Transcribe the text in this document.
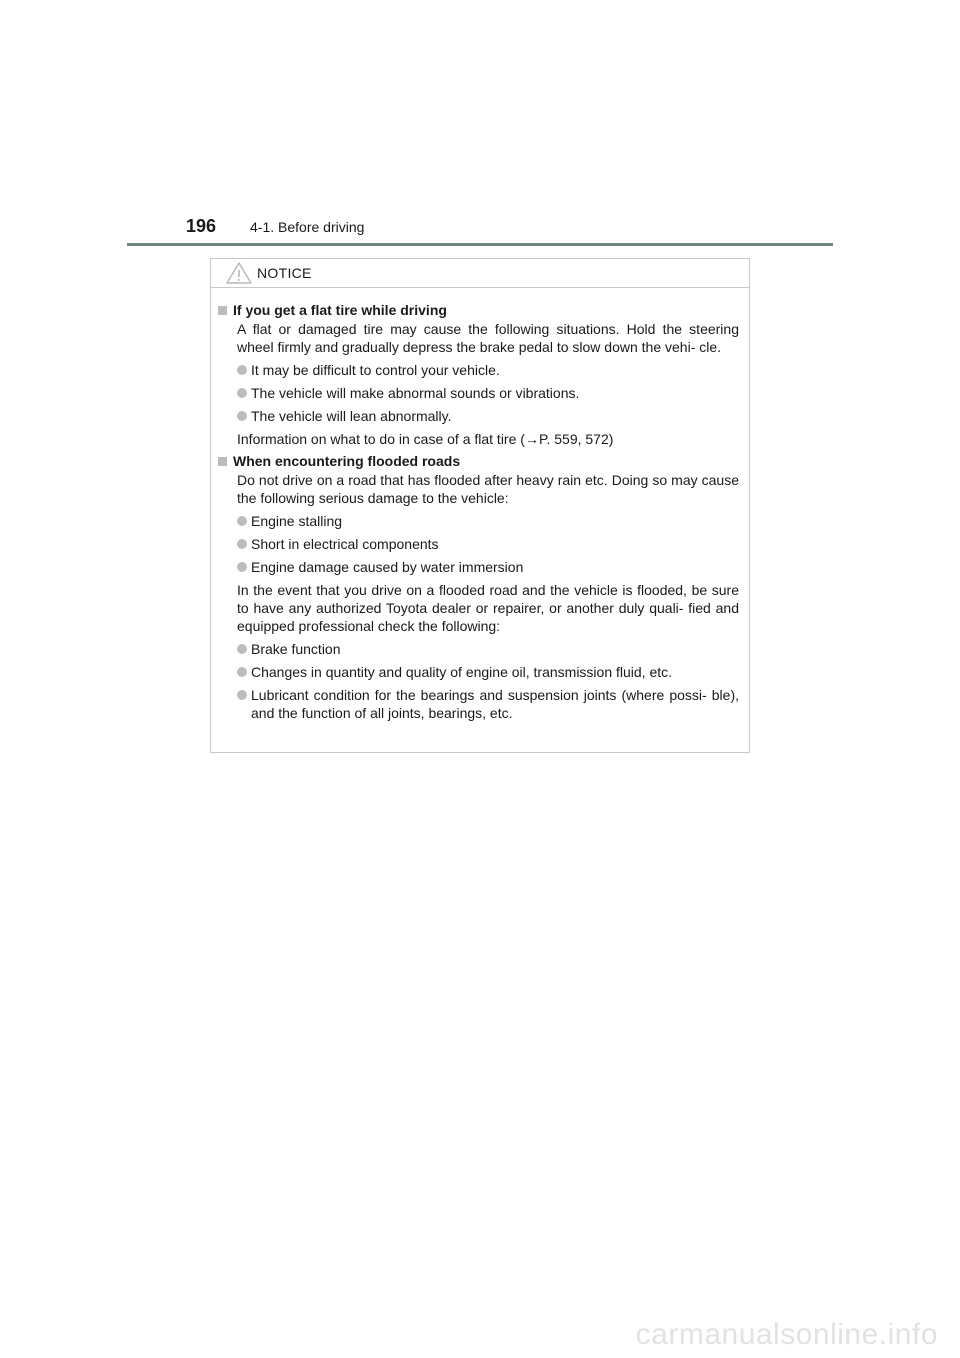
196	4-1. Before driving
NOTICE
If you get a flat tire while driving
A flat or damaged tire may cause the following situations. Hold the steering wheel firmly and gradually depress the brake pedal to slow down the vehi- cle.
It may be difficult to control your vehicle.
The vehicle will make abnormal sounds or vibrations.
The vehicle will lean abnormally.
Information on what to do in case of a flat tire (→P. 559, 572)
When encountering flooded roads
Do not drive on a road that has flooded after heavy rain etc. Doing so may cause the following serious damage to the vehicle:
Engine stalling
Short in electrical components
Engine damage caused by water immersion
In the event that you drive on a flooded road and the vehicle is flooded, be sure to have any authorized Toyota dealer or repairer, or another duly quali- fied and equipped professional check the following:
Brake function
Changes in quantity and quality of engine oil, transmission fluid, etc.
Lubricant condition for the bearings and suspension joints (where possi- ble), and the function of all joints, bearings, etc.
carmanualsonline.info
